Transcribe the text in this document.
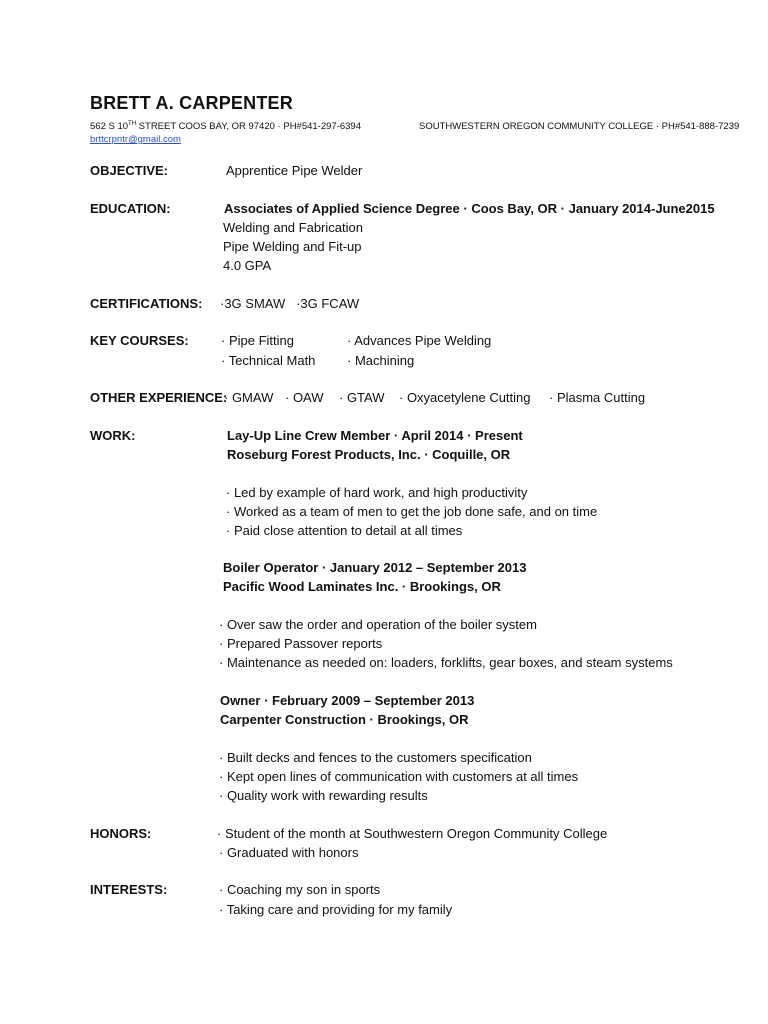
BRETT A. CARPENTER
562 S 10TH STREET COOS BAY, OR 97420 · PH#541-297-6394	SOUTHWESTERN OREGON COMMUNITY COLLEGE · PH#541-888-7239
brttcrpntr@gmail.com
OBJECTIVE:	Apprentice Pipe Welder
EDUCATION:	Associates of Applied Science Degree · Coos Bay, OR · January 2014-June2015
Welding and Fabrication
Pipe Welding and Fit-up
4.0 GPA
CERTIFICATIONS: ·3G SMAW   ·3G FCAW
KEY COURSES: · Pipe Fitting	· Advances Pipe Welding
· Technical Math · Machining
OTHER EXPERIENCE:
· GMAW · OAW · GTAW · Oxyacetylene Cutting · Plasma Cutting
WORK:	Lay-Up Line Crew Member · April 2014 · Present
Roseburg Forest Products, Inc. · Coquille, OR
· Led by example of hard work, and high productivity
· Worked as a team of men to get the job done safe, and on time
· Paid close attention to detail at all times
Boiler Operator · January 2012 – September 2013
Pacific Wood Laminates Inc. · Brookings, OR
· Over saw the order and operation of the boiler system
· Prepared Passover reports
· Maintenance as needed on: loaders, forklifts, gear boxes, and steam systems
Owner · February 2009 – September 2013
Carpenter Construction · Brookings, OR
· Built decks and fences to the customers specification
· Kept open lines of communication with customers at all times
· Quality work with rewarding results
HONORS:	· Student of the month at Southwestern Oregon Community College
· Graduated with honors
INTERESTS:	· Coaching my son in sports
· Taking care and providing for my family
